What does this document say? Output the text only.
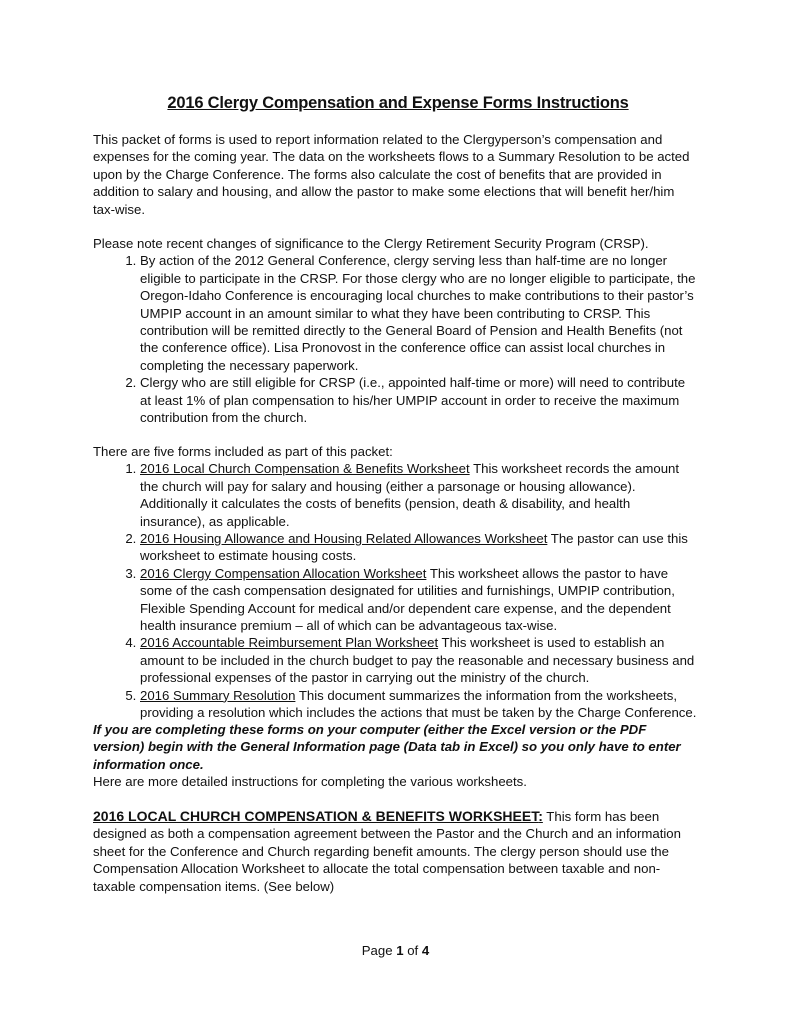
2016 Clergy Compensation and Expense Forms Instructions
This packet of forms is used to report information related to the Clergyperson’s compensation and expenses for the coming year. The data on the worksheets flows to a Summary Resolution to be acted upon by the Charge Conference. The forms also calculate the cost of benefits that are provided in addition to salary and housing, and allow the pastor to make some elections that will benefit her/him tax-wise.
Please note recent changes of significance to the Clergy Retirement Security Program (CRSP).
1. By action of the 2012 General Conference, clergy serving less than half-time are no longer eligible to participate in the CRSP. For those clergy who are no longer eligible to participate, the Oregon-Idaho Conference is encouraging local churches to make contributions to their pastor’s UMPIP account in an amount similar to what they have been contributing to CRSP. This contribution will be remitted directly to the General Board of Pension and Health Benefits (not the conference office). Lisa Pronovost in the conference office can assist local churches in completing the necessary paperwork.
2. Clergy who are still eligible for CRSP (i.e., appointed half-time or more) will need to contribute at least 1% of plan compensation to his/her UMPIP account in order to receive the maximum contribution from the church.
There are five forms included as part of this packet:
1. 2016 Local Church Compensation & Benefits Worksheet This worksheet records the amount the church will pay for salary and housing (either a parsonage or housing allowance). Additionally it calculates the costs of benefits (pension, death & disability, and health insurance), as applicable.
2. 2016 Housing Allowance and Housing Related Allowances Worksheet The pastor can use this worksheet to estimate housing costs.
3. 2016 Clergy Compensation Allocation Worksheet This worksheet allows the pastor to have some of the cash compensation designated for utilities and furnishings, UMPIP contribution, Flexible Spending Account for medical and/or dependent care expense, and the dependent health insurance premium – all of which can be advantageous tax-wise.
4. 2016 Accountable Reimbursement Plan Worksheet This worksheet is used to establish an amount to be included in the church budget to pay the reasonable and necessary business and professional expenses of the pastor in carrying out the ministry of the church.
5. 2016 Summary Resolution This document summarizes the information from the worksheets, providing a resolution which includes the actions that must be taken by the Charge Conference.
If you are completing these forms on your computer (either the Excel version or the PDF version) begin with the General Information page (Data tab in Excel) so you only have to enter information once.
Here are more detailed instructions for completing the various worksheets.
2016 LOCAL CHURCH COMPENSATION & BENEFITS WORKSHEET: This form has been designed as both a compensation agreement between the Pastor and the Church and an information sheet for the Conference and Church regarding benefit amounts. The clergy person should use the Compensation Allocation Worksheet to allocate the total compensation between taxable and non-taxable compensation items. (See below)
Page 1 of 4
